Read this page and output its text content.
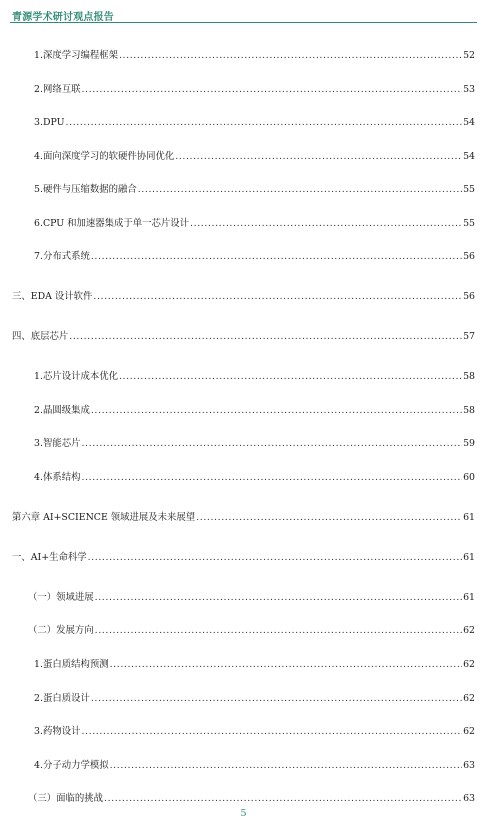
青源学术研讨观点报告
1.深度学习编程框架 .....	52
2.网络互联 .....	53
3.DPU .....	54
4.面向深度学习的软硬件协同优化 .....	54
5.硬件与压缩数据的融合 .....	55
6.CPU 和加速器集成于单一芯片设计 .....	55
7.分布式系统 .....	56
三、EDA 设计软件 .....	56
四、底层芯片 .....	57
1.芯片设计成本优化 .....	58
2.晶圆级集成 .....	58
3.智能芯片 .....	59
4.体系结构 .....	60
第六章 AI+SCIENCE 领域进展及未来展望 .....	61
一、AI+生命科学 .....	61
（一）领域进展 .....	61
（二）发展方向 .....	62
1.蛋白质结构预测 .....	62
2.蛋白质设计 .....	62
3.药物设计 .....	62
4.分子动力学模拟 .....	63
（三）面临的挑战 .....	63
5
